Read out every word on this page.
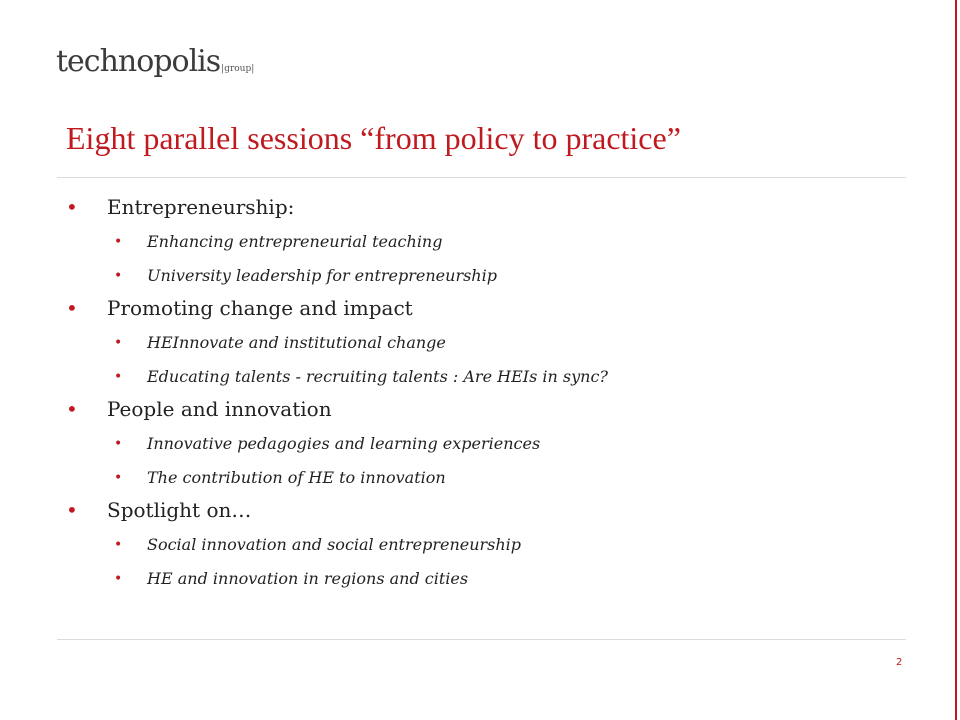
technopolis|group|
Eight parallel sessions “from policy to practice”
• Entrepreneurship:
• Enhancing entrepreneurial teaching
• University leadership for entrepreneurship
• Promoting change and impact
• HEInnovate and institutional change
• Educating talents - recruiting talents : Are HEIs in sync?
• People and innovation
• Innovative pedagogies and learning experiences
• The contribution of HE to innovation
• Spotlight on…
• Social innovation and social entrepreneurship
• HE and innovation in regions and cities
2
